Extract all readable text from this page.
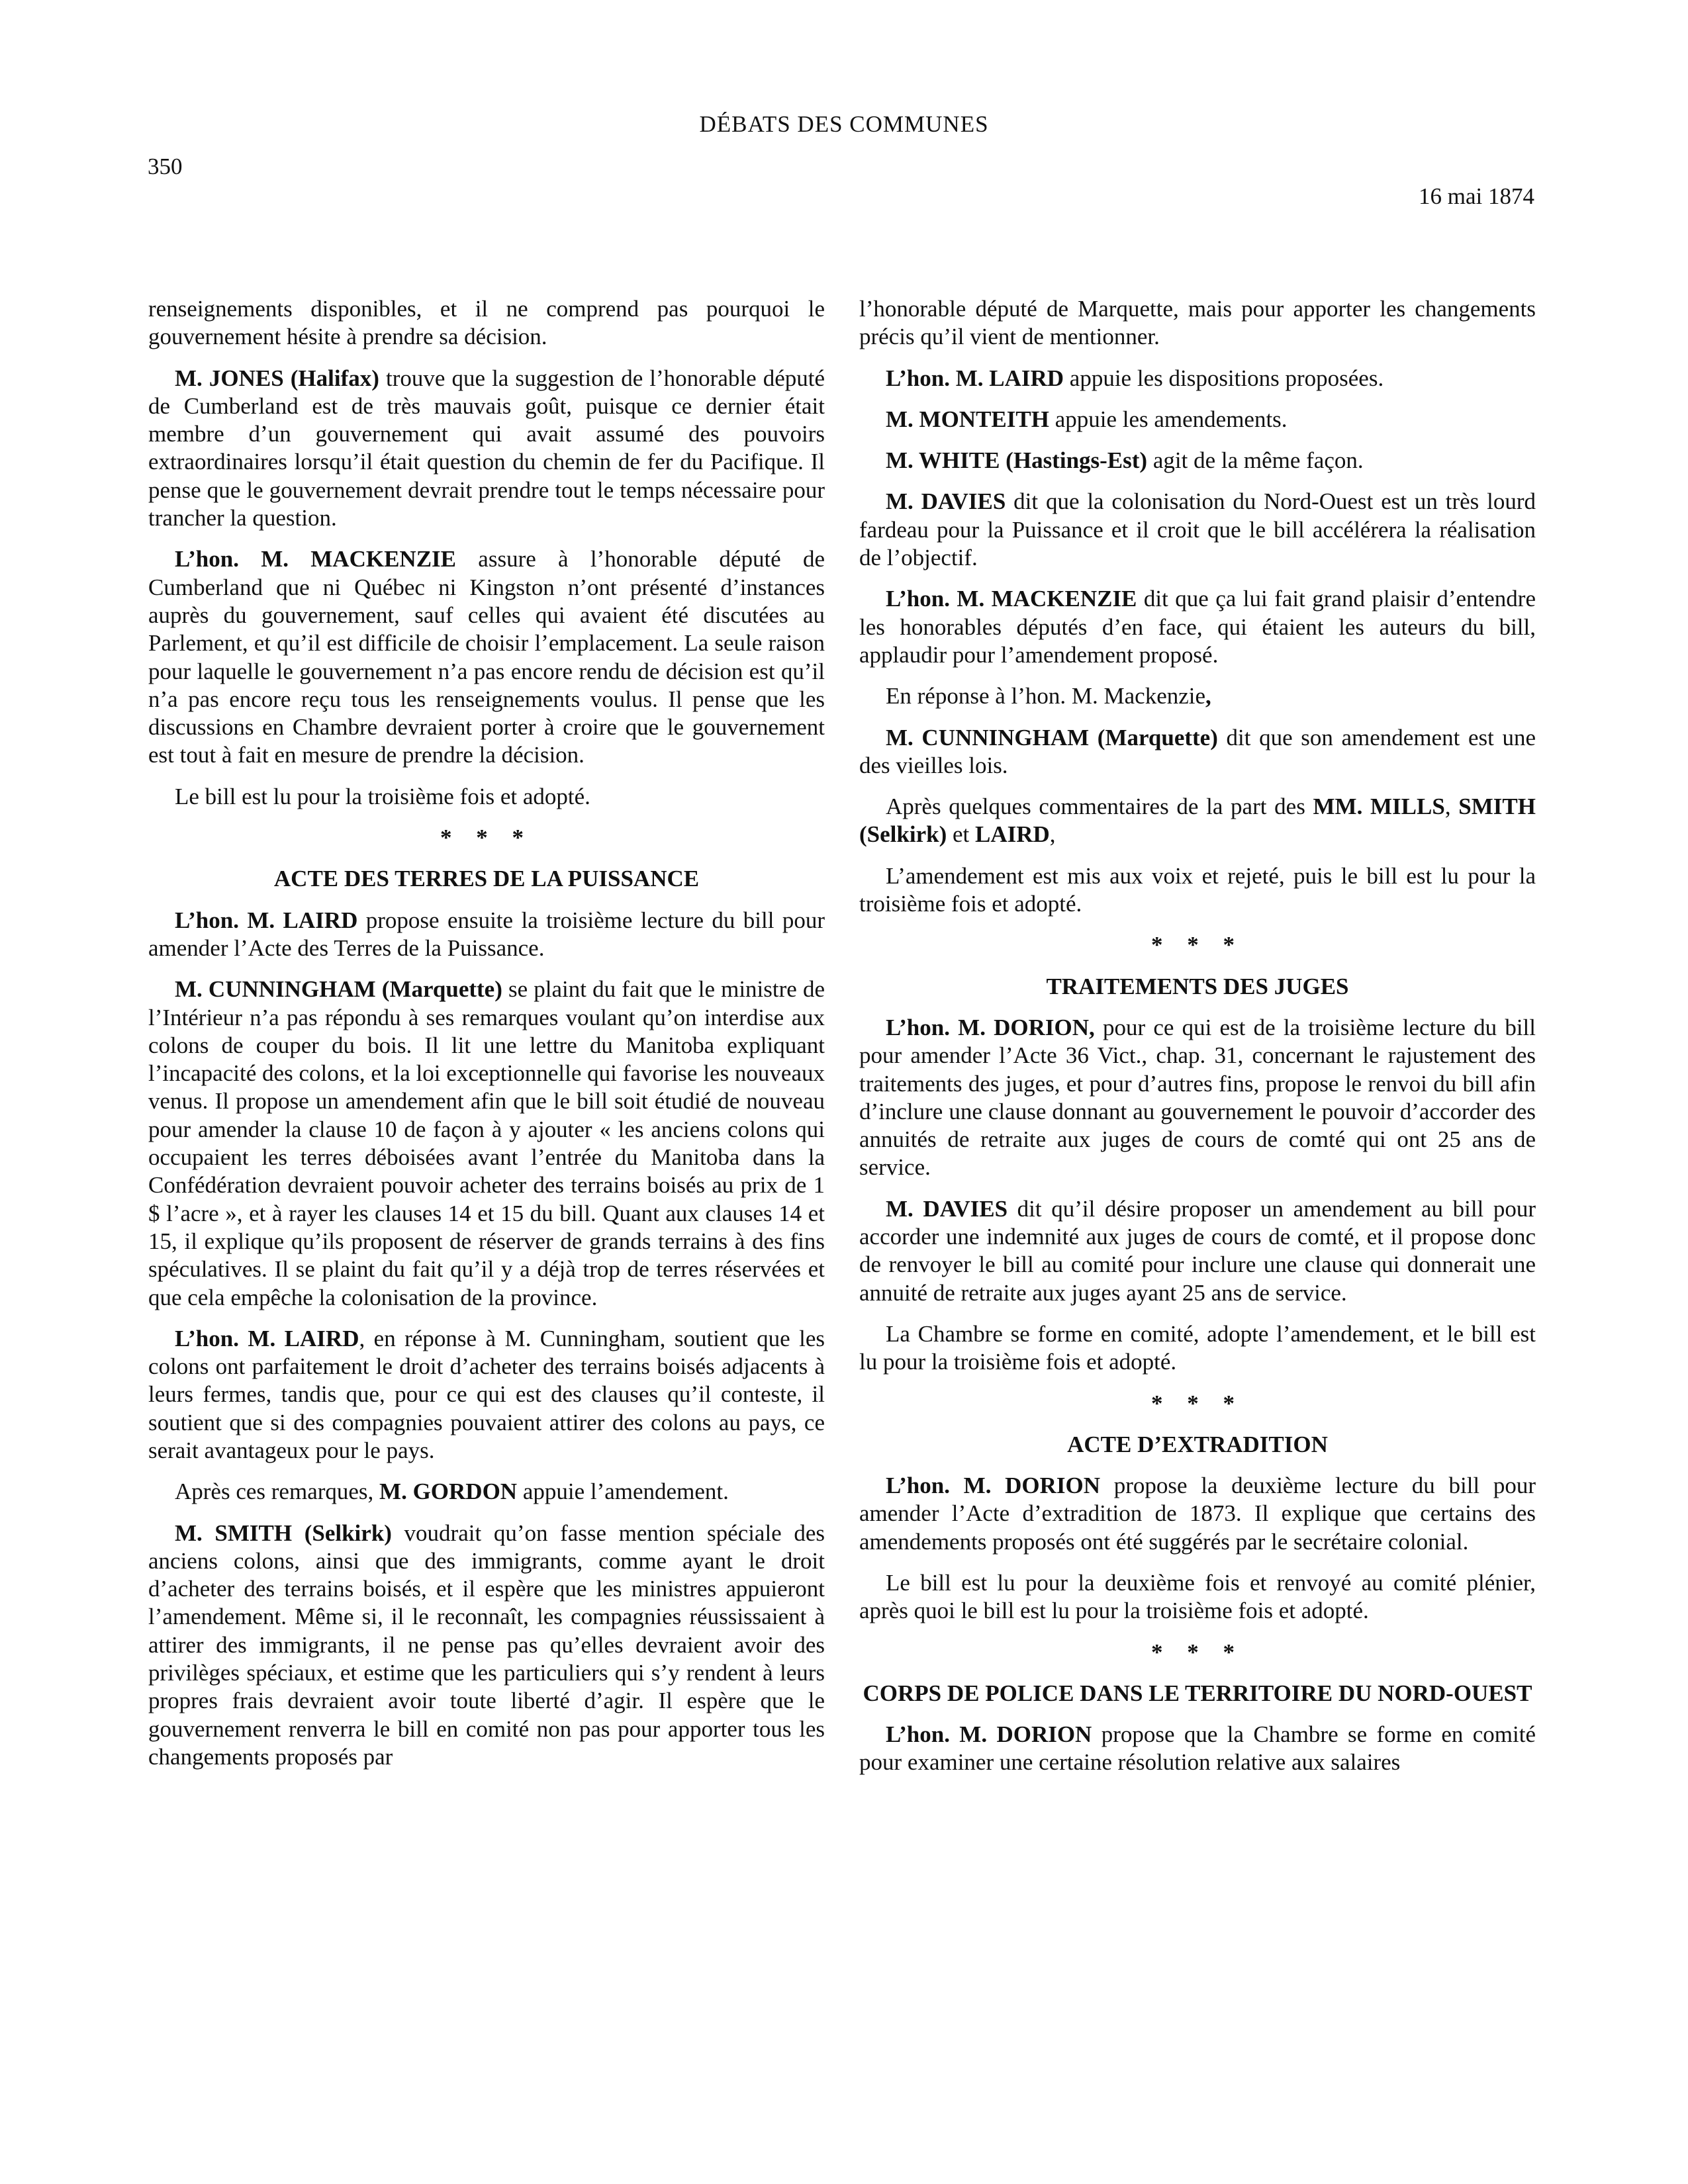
DÉBATS DES COMMUNES
350
16 mai 1874

renseignements disponibles, et il ne comprend pas pourquoi le gouvernement hésite à prendre sa décision.

M. JONES (Halifax) trouve que la suggestion de l’honorable député de Cumberland est de très mauvais goût, puisque ce dernier était membre d’un gouvernement qui avait assumé des pouvoirs extraordinaires lorsqu’il était question du chemin de fer du Pacifique. Il pense que le gouvernement devrait prendre tout le temps nécessaire pour trancher la question.

L’hon. M. MACKENZIE assure à l’honorable député de Cumberland que ni Québec ni Kingston n’ont présenté d’instances auprès du gouvernement, sauf celles qui avaient été discutées au Parlement, et qu’il est difficile de choisir l’emplacement. La seule raison pour laquelle le gouvernement n’a pas encore rendu de décision est qu’il n’a pas encore reçu tous les renseignements voulus. Il pense que les discussions en Chambre devraient porter à croire que le gouvernement est tout à fait en mesure de prendre la décision.

Le bill est lu pour la troisième fois et adopté.

* * *
ACTE DES TERRES DE LA PUISSANCE

L’hon. M. LAIRD propose ensuite la troisième lecture du bill pour amender l’Acte des Terres de la Puissance.

M. CUNNINGHAM (Marquette) se plaint du fait que le ministre de l’Intérieur n’a pas répondu à ses remarques voulant qu’on interdise aux colons de couper du bois. Il lit une lettre du Manitoba expliquant l’incapacité des colons, et la loi exceptionnelle qui favorise les nouveaux venus. Il propose un amendement afin que le bill soit étudié de nouveau pour amender la clause 10 de façon à y ajouter « les anciens colons qui occupaient les terres déboisées avant l’entrée du Manitoba dans la Confédération devraient pouvoir acheter des terrains boisés au prix de 1 $ l’acre », et à rayer les clauses 14 et 15 du bill. Quant aux clauses 14 et 15, il explique qu’ils proposent de réserver de grands terrains à des fins spéculatives. Il se plaint du fait qu’il y a déjà trop de terres réservées et que cela empêche la colonisation de la province.

L’hon. M. LAIRD, en réponse à M. Cunningham, soutient que les colons ont parfaitement le droit d’acheter des terrains boisés adjacents à leurs fermes, tandis que, pour ce qui est des clauses qu’il conteste, il soutient que si des compagnies pouvaient attirer des colons au pays, ce serait avantageux pour le pays.

Après ces remarques, M. GORDON appuie l’amendement.

M. SMITH (Selkirk) voudrait qu’on fasse mention spéciale des anciens colons, ainsi que des immigrants, comme ayant le droit d’acheter des terrains boisés, et il espère que les ministres appuieront l’amendement. Même si, il le reconnaît, les compagnies réussissaient à attirer des immigrants, il ne pense pas qu’elles devraient avoir des privilèges spéciaux, et estime que les particuliers qui s’y rendent à leurs propres frais devraient avoir toute liberté d’agir. Il espère que le gouvernement renverra le bill en comité non pas pour apporter tous les changements proposés par

l’honorable député de Marquette, mais pour apporter les changements précis qu’il vient de mentionner.

L’hon. M. LAIRD appuie les dispositions proposées.

M. MONTEITH appuie les amendements.

M. WHITE (Hastings-Est) agit de la même façon.

M. DAVIES dit que la colonisation du Nord-Ouest est un très lourd fardeau pour la Puissance et il croit que le bill accélérera la réalisation de l’objectif.

L’hon. M. MACKENZIE dit que ça lui fait grand plaisir d’entendre les honorables députés d’en face, qui étaient les auteurs du bill, applaudir pour l’amendement proposé.

En réponse à l’hon. M. Mackenzie,

M. CUNNINGHAM (Marquette) dit que son amendement est une des vieilles lois.

Après quelques commentaires de la part des MM. MILLS, SMITH (Selkirk) et LAIRD,

L’amendement est mis aux voix et rejeté, puis le bill est lu pour la troisième fois et adopté.

* * *
TRAITEMENTS DES JUGES

L’hon. M. DORION, pour ce qui est de la troisième lecture du bill pour amender l’Acte 36 Vict., chap. 31, concernant le rajustement des traitements des juges, et pour d’autres fins, propose le renvoi du bill afin d’inclure une clause donnant au gouvernement le pouvoir d’accorder des annuités de retraite aux juges de cours de comté qui ont 25 ans de service.

M. DAVIES dit qu’il désire proposer un amendement au bill pour accorder une indemnité aux juges de cours de comté, et il propose donc de renvoyer le bill au comité pour inclure une clause qui donnerait une annuité de retraite aux juges ayant 25 ans de service.

La Chambre se forme en comité, adopte l’amendement, et le bill est lu pour la troisième fois et adopté.

* * *
ACTE D’EXTRADITION

L’hon. M. DORION propose la deuxième lecture du bill pour amender l’Acte d’extradition de 1873. Il explique que certains des amendements proposés ont été suggérés par le secrétaire colonial.

Le bill est lu pour la deuxième fois et renvoyé au comité plénier, après quoi le bill est lu pour la troisième fois et adopté.

* * *
CORPS DE POLICE DANS LE TERRITOIRE DU NORD-OUEST

L’hon. M. DORION propose que la Chambre se forme en comité pour examiner une certaine résolution relative aux salaires
